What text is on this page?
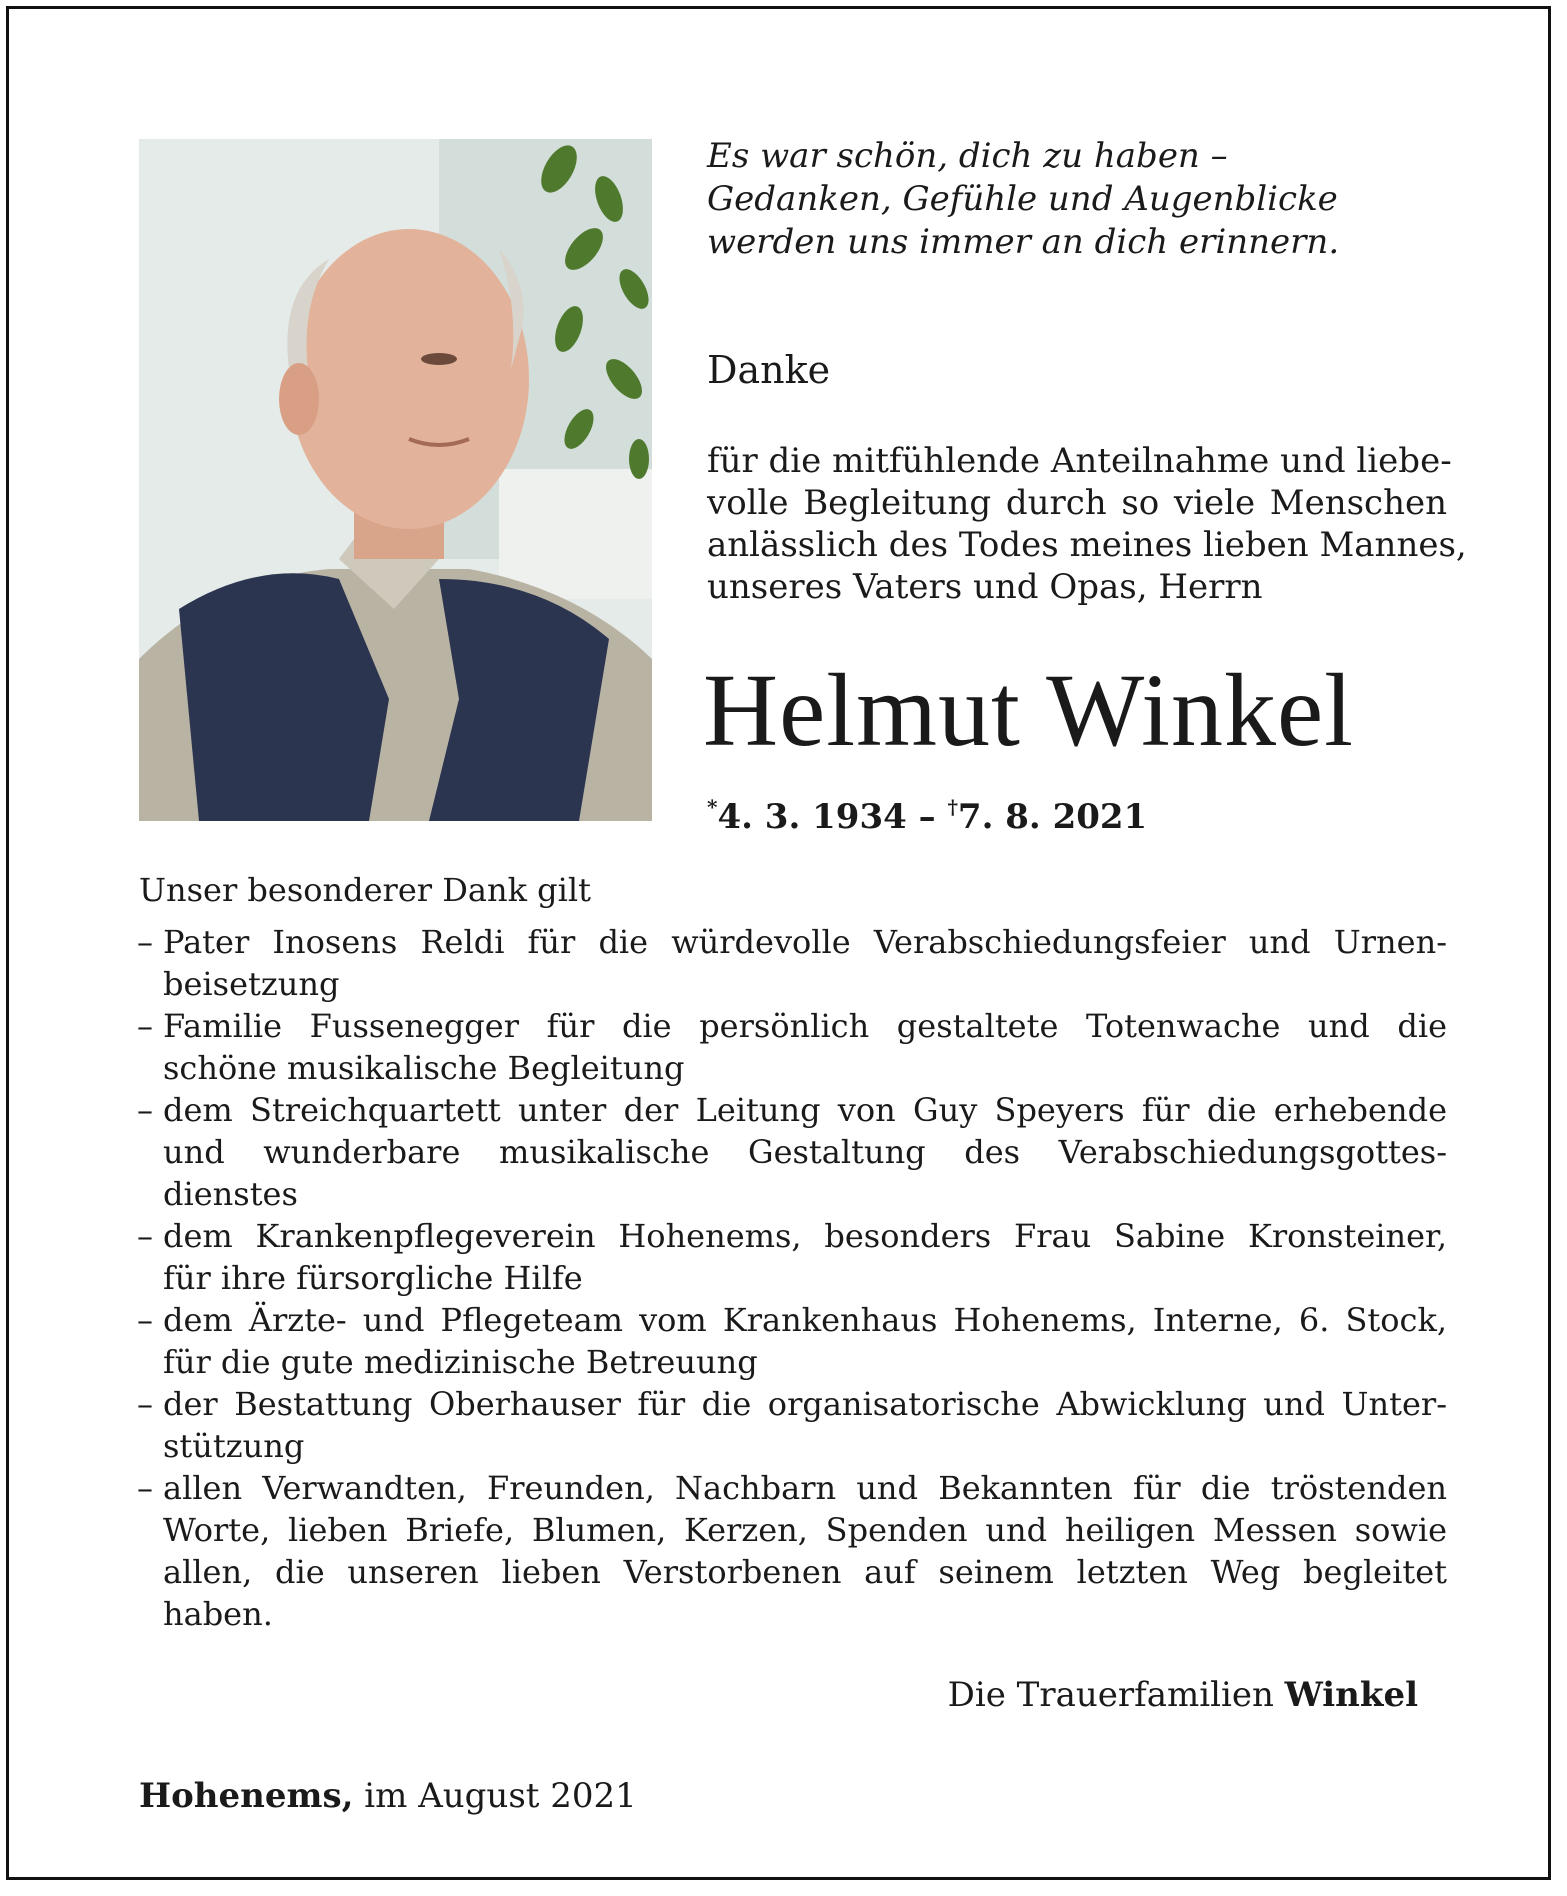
Es war schön, dich zu haben –
Gedanken, Gefühle und Augenblicke
werden uns immer an dich erinnern.
Danke
für die mitfühlende Anteilnahme und liebe-
volle Begleitung durch so viele Menschen
anlässlich des Todes meines lieben Mannes,
unseres Vaters und Opas, Herrn
Helmut Winkel
*4. 3. 1934 – †7. 8. 2021
Unser besonderer Dank gilt
– Pater Inosens Reldi für die würdevolle Verabschiedungsfeier und Urnen-
beisetzung
– Familie Fussenegger für die persönlich gestaltete Totenwache und die
schöne musikalische Begleitung
– dem Streichquartett unter der Leitung von Guy Speyers für die erhebende
und wunderbare musikalische Gestaltung des Verabschiedungsgottes-
dienstes
– dem Krankenpflegeverein Hohenems, besonders Frau Sabine Kronsteiner,
für ihre fürsorgliche Hilfe
– dem Ärzte- und Pflegeteam vom Krankenhaus Hohenems, Interne, 6. Stock,
für die gute medizinische Betreuung
– der Bestattung Oberhauser für die organisatorische Abwicklung und Unter-
stützung
– allen Verwandten, Freunden, Nachbarn und Bekannten für die tröstenden
Worte, lieben Briefe, Blumen, Kerzen, Spenden und heiligen Messen sowie
allen, die unseren lieben Verstorbenen auf seinem letzten Weg begleitet
haben.
Die Trauerfamilien Winkel
Hohenems, im August 2021
